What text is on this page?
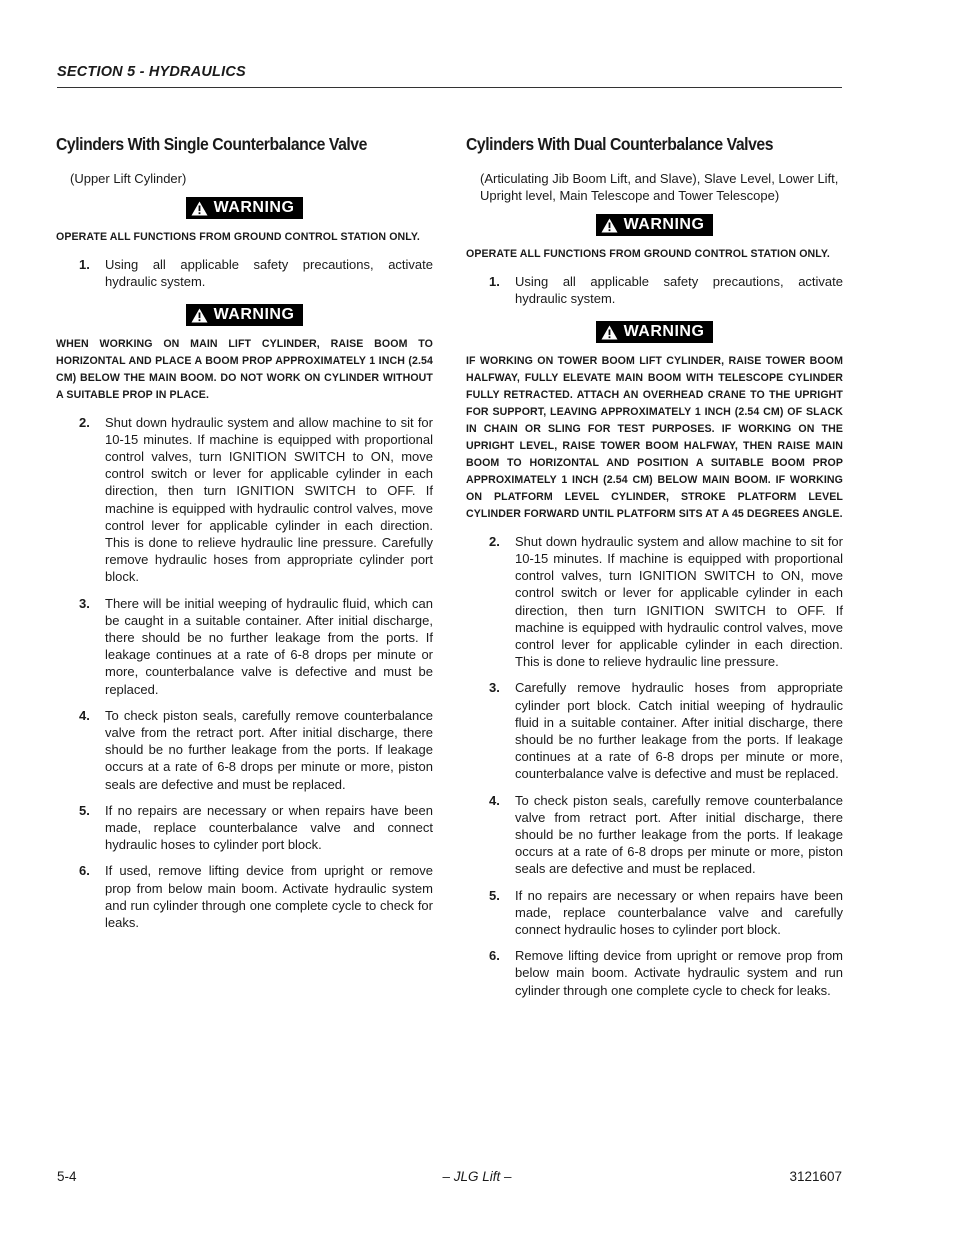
SECTION 5 - HYDRAULICS
Cylinders With Single Counterbalance Valve

(Upper Lift Cylinder)

WARNING

OPERATE ALL FUNCTIONS FROM GROUND CONTROL STATION ONLY.

1.	Using all applicable safety precautions, activate hydraulic system.
WARNING

WHEN WORKING ON MAIN LIFT CYLINDER, RAISE BOOM TO HORIZONTAL AND PLACE A BOOM PROP APPROXIMATELY 1 INCH (2.54 CM) BELOW THE MAIN BOOM. DO NOT WORK ON CYLINDER WITHOUT A SUITABLE PROP IN PLACE.

2.	Shut down hydraulic system and allow machine to sit for 10-15 minutes. If machine is equipped with proportional control valves, turn IGNITION SWITCH to ON, move control switch or lever for applicable cylinder in each direction, then turn IGNITION SWITCH to OFF. If machine is equipped with hydraulic control valves, move control lever for applicable cylinder in each direction. This is done to relieve hydraulic line pressure. Carefully remove hydraulic hoses from appropriate cylinder port block.
3.	There will be initial weeping of hydraulic fluid, which can be caught in a suitable container. After initial discharge, there should be no further leakage from the ports. If leakage continues at a rate of 6-8 drops per minute or more, counterbalance valve is defective and must be replaced.
4.	To check piston seals, carefully remove counterbalance valve from the retract port. After initial discharge, there should be no further leakage from the ports. If leakage occurs at a rate of 6-8 drops per minute or more, piston seals are defective and must be replaced.
5.	If no repairs are necessary or when repairs have been made, replace counterbalance valve and connect hydraulic hoses to cylinder port block.
6.	If used, remove lifting device from upright or remove prop from below main boom. Activate hydraulic system and run cylinder through one complete cycle to check for leaks.
Cylinders With Dual Counterbalance Valves

(Articulating Jib Boom Lift, and Slave), Slave Level, Lower Lift, Upright level, Main Telescope and Tower Telescope)

WARNING

OPERATE ALL FUNCTIONS FROM GROUND CONTROL STATION ONLY.

1.	Using all applicable safety precautions, activate hydraulic system.
WARNING

IF WORKING ON TOWER BOOM LIFT CYLINDER, RAISE TOWER BOOM HALFWAY, FULLY ELEVATE MAIN BOOM WITH TELESCOPE CYLINDER FULLY RETRACTED. ATTACH AN OVERHEAD CRANE TO THE UPRIGHT FOR SUPPORT, LEAVING APPROXIMATELY 1 INCH (2.54 CM) OF SLACK IN CHAIN OR SLING FOR TEST PURPOSES. IF WORKING ON THE UPRIGHT LEVEL, RAISE TOWER BOOM HALFWAY, THEN RAISE MAIN BOOM TO HORIZONTAL AND POSITION A SUITABLE BOOM PROP APPROXIMATELY 1 INCH (2.54 CM) BELOW MAIN BOOM. IF WORKING ON PLATFORM LEVEL CYLINDER, STROKE PLATFORM LEVEL CYLINDER FORWARD UNTIL PLATFORM SITS AT A 45 DEGREES ANGLE.

2.	Shut down hydraulic system and allow machine to sit for 10-15 minutes. If machine is equipped with proportional control valves, turn IGNITION SWITCH to ON, move control switch or lever for applicable cylinder in each direction, then turn IGNITION SWITCH to OFF. If machine is equipped with hydraulic control valves, move control lever for applicable cylinder in each direction. This is done to relieve hydraulic line pressure.
3.	Carefully remove hydraulic hoses from appropriate cylinder port block. Catch initial weeping of hydraulic fluid in a suitable container. After initial discharge, there should be no further leakage from the ports. If leakage continues at a rate of 6-8 drops per minute or more, counterbalance valve is defective and must be replaced.
4.	To check piston seals, carefully remove counterbalance valve from retract port. After initial discharge, there should be no further leakage from the ports. If leakage occurs at a rate of 6-8 drops per minute or more, piston seals are defective and must be replaced.
5.	If no repairs are necessary or when repairs have been made, replace counterbalance valve and carefully connect hydraulic hoses to cylinder port block.
6.	Remove lifting device from upright or remove prop from below main boom. Activate hydraulic system and run cylinder through one complete cycle to check for leaks.
5-4	– JLG Lift –	3121607
